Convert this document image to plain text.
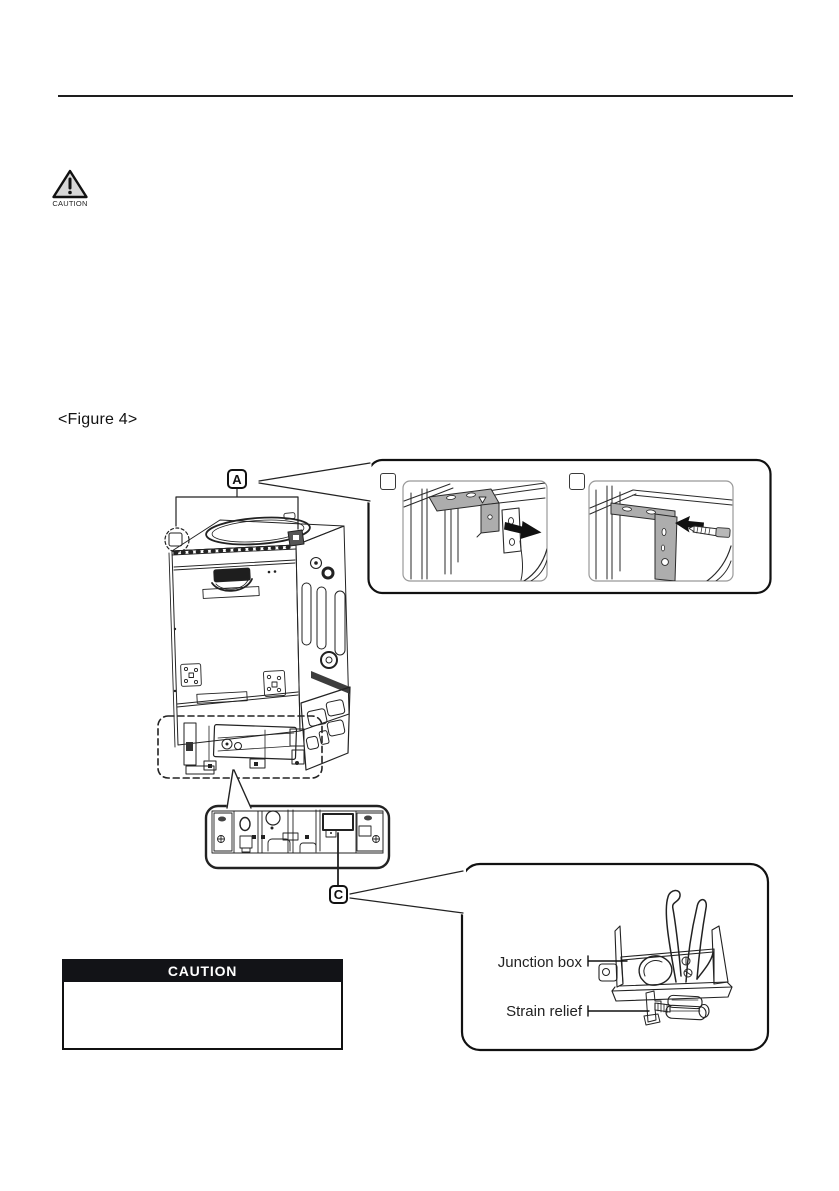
CAUTION
<Figure 4>
A
C
Junction box
Strain relief
CAUTION
